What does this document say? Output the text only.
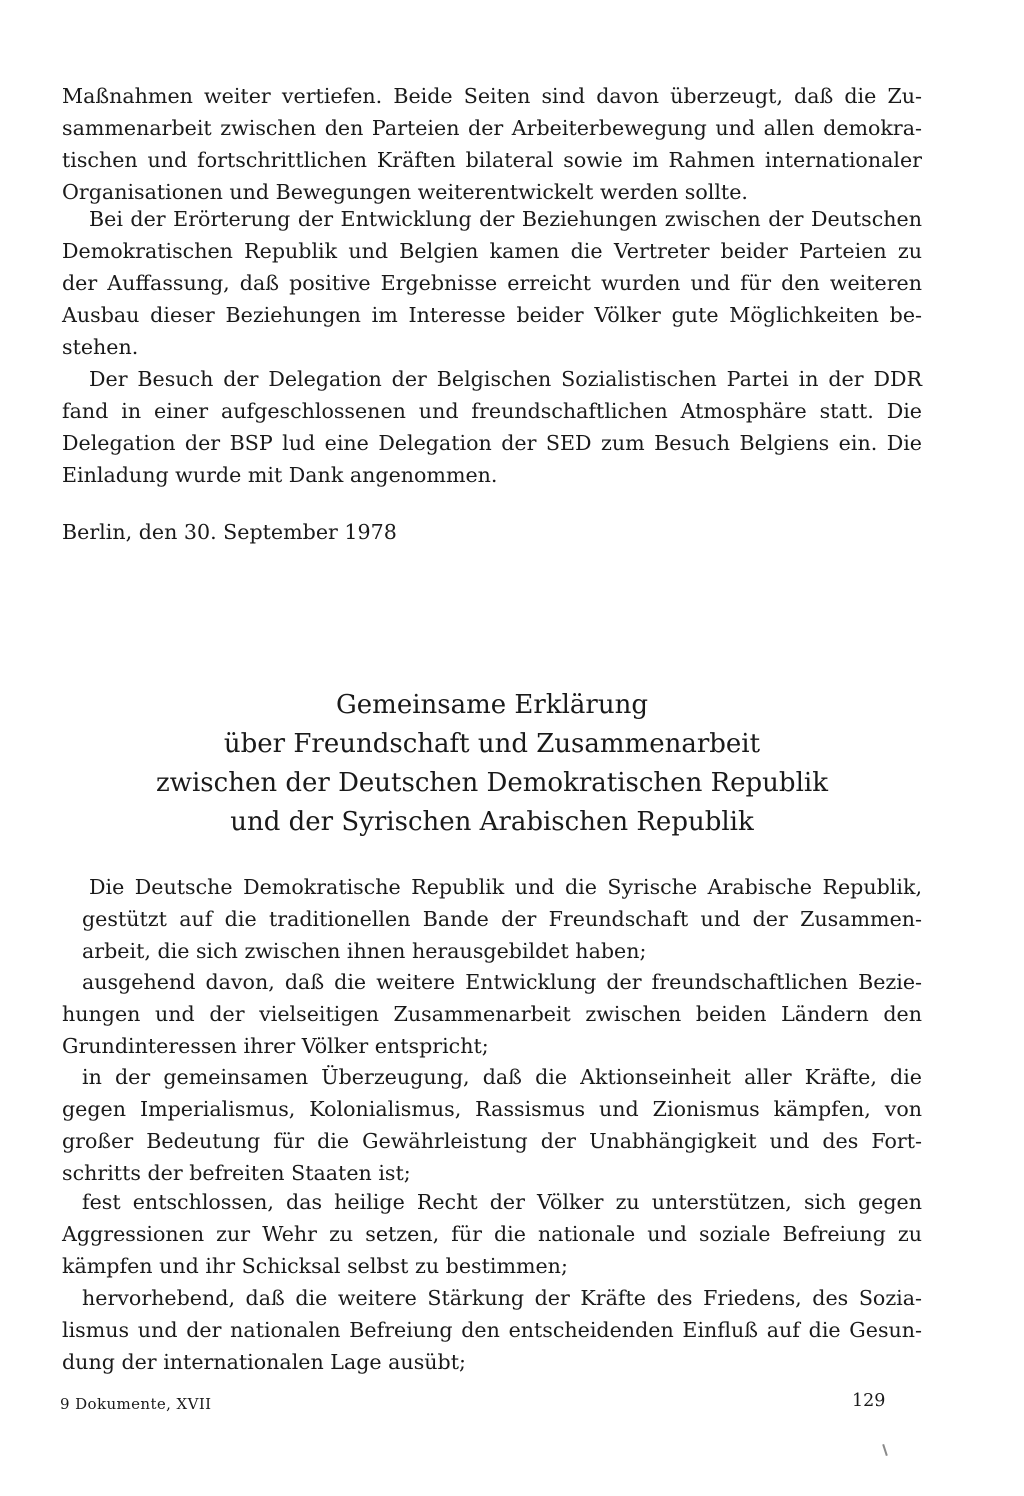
Maßnahmen weiter vertiefen. Beide Seiten sind davon überzeugt, daß die Zu-
sammenarbeit zwischen den Parteien der Arbeiterbewegung und allen demokra-
tischen und fortschrittlichen Kräften bilateral sowie im Rahmen internationaler
Organisationen und Bewegungen weiterentwickelt werden sollte.

Bei der Erörterung der Entwicklung der Beziehungen zwischen der Deutschen
Demokratischen Republik und Belgien kamen die Vertreter beider Parteien zu
der Auffassung, daß positive Ergebnisse erreicht wurden und für den weiteren
Ausbau dieser Beziehungen im Interesse beider Völker gute Möglichkeiten be-
stehen.

Der Besuch der Delegation der Belgischen Sozialistischen Partei in der DDR
fand in einer aufgeschlossenen und freundschaftlichen Atmosphäre statt. Die
Delegation der BSP lud eine Delegation der SED zum Besuch Belgiens ein. Die
Einladung wurde mit Dank angenommen.

Berlin, den 30. September 1978

Gemeinsame Erklärung
über Freundschaft und Zusammenarbeit
zwischen der Deutschen Demokratischen Republik
und der Syrischen Arabischen Republik

Die Deutsche Demokratische Republik und die Syrische Arabische Republik,
gestützt auf die traditionellen Bande der Freundschaft und der Zusammen-
arbeit, die sich zwischen ihnen herausgebildet haben;

ausgehend davon, daß die weitere Entwicklung der freundschaftlichen Bezie-
hungen und der vielseitigen Zusammenarbeit zwischen beiden Ländern den
Grundinteressen ihrer Völker entspricht;

in der gemeinsamen Überzeugung, daß die Aktionseinheit aller Kräfte, die
gegen Imperialismus, Kolonialismus, Rassismus und Zionismus kämpfen, von
großer Bedeutung für die Gewährleistung der Unabhängigkeit und des Fort-
schritts der befreiten Staaten ist;

fest entschlossen, das heilige Recht der Völker zu unterstützen, sich gegen
Aggressionen zur Wehr zu setzen, für die nationale und soziale Befreiung zu
kämpfen und ihr Schicksal selbst zu bestimmen;

hervorhebend, daß die weitere Stärkung der Kräfte des Friedens, des Sozia-
lismus und der nationalen Befreiung den entscheidenden Einfluß auf die Gesun-
dung der internationalen Lage ausübt;

9 Dokumente, XVII	129
